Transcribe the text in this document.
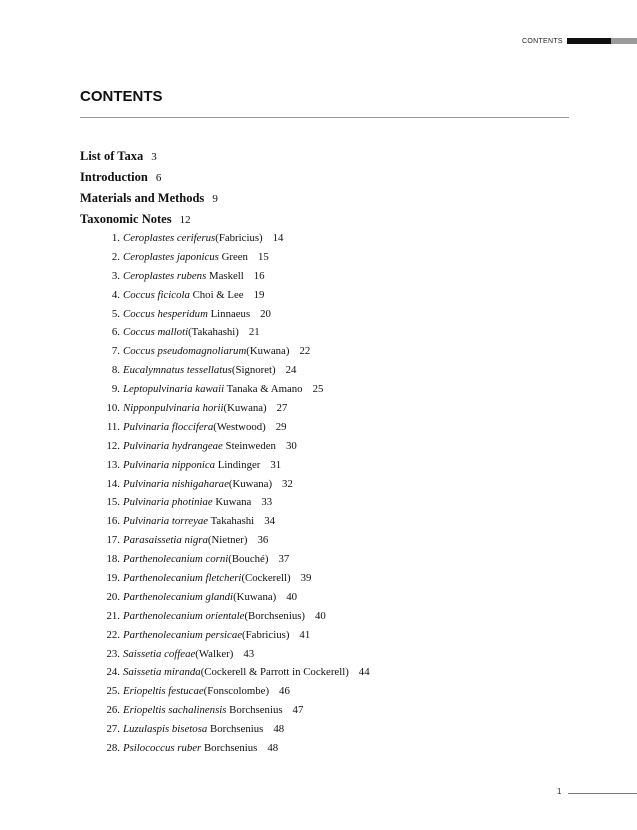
CONTENTS
CONTENTS
List of Taxa 3
Introduction 6
Materials and Methods 9
Taxonomic Notes 12
1. Ceroplastes ceriferus(Fabricius) 14
2. Ceroplastes japonicus Green 15
3. Ceroplastes rubens Maskell 16
4. Coccus ficicola Choi & Lee 19
5. Coccus hesperidum Linnaeus 20
6. Coccus malloti(Takahashi) 21
7. Coccus pseudomagnoliarum(Kuwana) 22
8. Eucalymnatus tessellatus(Signoret) 24
9. Leptopulvinaria kawaii Tanaka & Amano 25
10. Nipponpulvinaria horii(Kuwana) 27
11. Pulvinaria floccifera(Westwood) 29
12. Pulvinaria hydrangeae Steinweden 30
13. Pulvinaria nipponica Lindinger 31
14. Pulvinaria nishigaharae(Kuwana) 32
15. Pulvinaria photiniae Kuwana 33
16. Pulvinaria torreyae Takahashi 34
17. Parasaissetia nigra(Nietner) 36
18. Parthenolecanium corni(Bouché) 37
19. Parthenolecanium fletcheri(Cockerell) 39
20. Parthenolecanium glandi(Kuwana) 40
21. Parthenolecanium orientale(Borchsenius) 40
22. Parthenolecanium persicae(Fabricius) 41
23. Saissetia coffeae(Walker) 43
24. Saissetia miranda(Cockerell & Parrott in Cockerell) 44
25. Eriopeltis festucae(Fonscolombe) 46
26. Eriopeltis sachalinensis Borchsenius 47
27. Luzulaspis bisetosa Borchsenius 48
28. Psilococcus ruber Borchsenius 48
1
